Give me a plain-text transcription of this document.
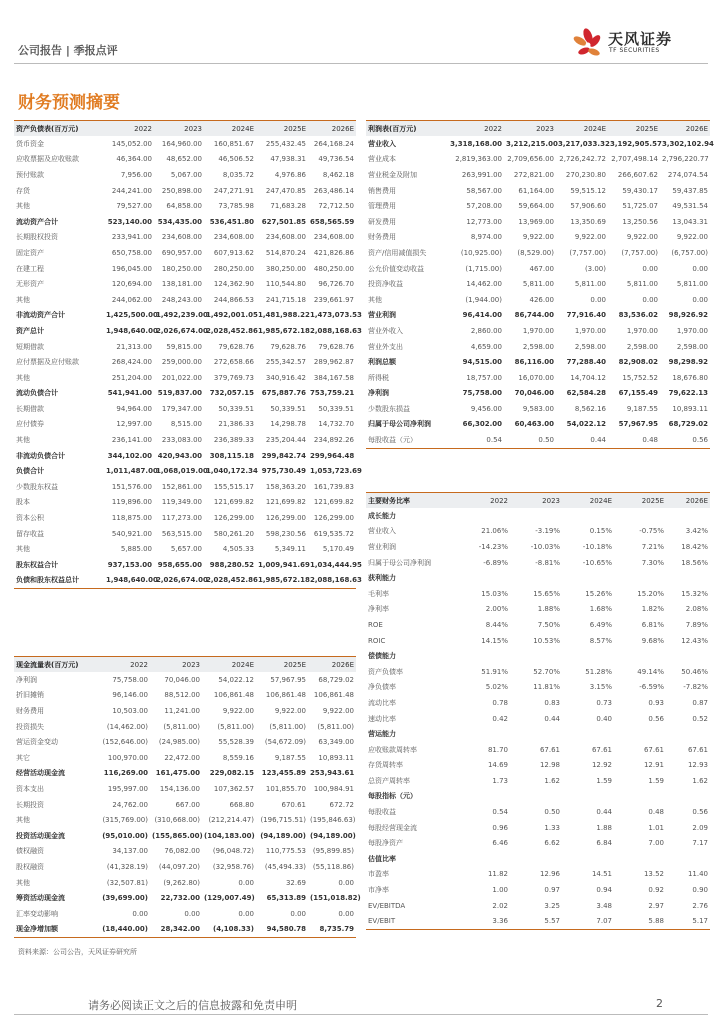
公司报告 | 季报点评
天风证券
TF SECURITIES
财务预测摘要
资产负债表(百万元)	2022	2023	2024E	2025E	2026E
货币资金	145,052.00	164,960.00	160,851.67	255,432.45	264,168.24
应收票据及应收账款	46,364.00	48,652.00	46,506.52	47,938.31	49,736.54
预付账款	7,956.00	5,067.00	8,035.72	4,976.86	8,462.18
存货	244,241.00	250,898.00	247,271.91	247,470.85	263,486.14
其他	79,527.00	64,858.00	73,785.98	71,683.28	72,712.50
流动资产合计	523,140.00	534,435.00	536,451.80	627,501.85	658,565.59
长期股权投资	233,941.00	234,608.00	234,608.00	234,608.00	234,608.00
固定资产	650,758.00	690,957.00	607,913.62	514,870.24	421,826.86
在建工程	196,045.00	180,250.00	280,250.00	380,250.00	480,250.00
无形资产	120,694.00	138,181.00	124,362.90	110,544.80	96,726.70
其他	244,062.00	248,243.00	244,866.53	241,715.18	239,661.97
非流动资产合计	1,425,500.00	1,492,239.00	1,492,001.05	1,481,988.22	1,473,073.53
资产总计	1,948,640.00	2,026,674.00	2,028,452.86	1,985,672.18	2,088,168.63
短期借款	21,313.00	59,815.00	79,628.76	79,628.76	79,628.76
应付票据及应付账款	268,424.00	259,000.00	272,658.66	255,342.57	289,962.87
其他	251,204.00	201,022.00	379,769.73	340,916.42	384,167.58
流动负债合计	541,941.00	519,837.00	732,057.15	675,887.76	753,759.21
长期借款	94,964.00	179,347.00	50,339.51	50,339.51	50,339.51
应付债券	12,997.00	8,515.00	21,386.33	14,298.78	14,732.70
其他	236,141.00	233,083.00	236,389.33	235,204.44	234,892.26
非流动负债合计	344,102.00	420,943.00	308,115.18	299,842.74	299,964.48
负债合计	1,011,487.00	1,068,019.00	1,040,172.34	975,730.49	1,053,723.69
少数股东权益	151,576.00	152,861.00	155,515.17	158,363.20	161,739.83
股本	119,896.00	119,349.00	121,699.82	121,699.82	121,699.82
资本公积	118,875.00	117,273.00	126,299.00	126,299.00	126,299.00
留存收益	540,921.00	563,515.00	580,261.20	598,230.56	619,535.72
其他	5,885.00	5,657.00	4,505.33	5,349.11	5,170.49
股东权益合计	937,153.00	958,655.00	988,280.52	1,009,941.69	1,034,444.95
负债和股东权益总计	1,948,640.00	2,026,674.00	2,028,452.86	1,985,672.18	2,088,168.63
利润表(百万元)	2022	2023	2024E	2025E	2026E
营业收入	3,318,168.00	3,212,215.00	3,217,033.32	3,192,905.57	3,302,102.94
营业成本	2,819,363.00	2,709,656.00	2,726,242.72	2,707,498.14	2,796,220.77
营业税金及附加	263,991.00	272,821.00	270,230.80	266,607.62	274,074.54
销售费用	58,567.00	61,164.00	59,515.12	59,430.17	59,437.85
管理费用	57,208.00	59,664.00	57,906.60	51,725.07	49,531.54
研发费用	12,773.00	13,969.00	13,350.69	13,250.56	13,043.31
财务费用	8,974.00	9,922.00	9,922.00	9,922.00	9,922.00
资产/信用减值损失	(10,925.00)	(8,529.00)	(7,757.00)	(7,757.00)	(6,757.00)
公允价值变动收益	(1,715.00)	467.00	(3.00)	0.00	0.00
投资净收益	14,462.00	5,811.00	5,811.00	5,811.00	5,811.00
其他	(1,944.00)	426.00	0.00	0.00	0.00
营业利润	96,414.00	86,744.00	77,916.40	83,536.02	98,926.92
营业外收入	2,860.00	1,970.00	1,970.00	1,970.00	1,970.00
营业外支出	4,659.00	2,598.00	2,598.00	2,598.00	2,598.00
利润总额	94,515.00	86,116.00	77,288.40	82,908.02	98,298.92
所得税	18,757.00	16,070.00	14,704.12	15,752.52	18,676.80
净利润	75,758.00	70,046.00	62,584.28	67,155.49	79,622.13
少数股东损益	9,456.00	9,583.00	8,562.16	9,187.55	10,893.11
归属于母公司净利润	66,302.00	60,463.00	54,022.12	57,967.95	68,729.02
每股收益（元）	0.54	0.50	0.44	0.48	0.56
主要财务比率	2022	2023	2024E	2025E	2026E
成长能力					
营业收入	21.06%	-3.19%	0.15%	-0.75%	3.42%
营业利润	-14.23%	-10.03%	-10.18%	7.21%	18.42%
归属于母公司净利润	-6.89%	-8.81%	-10.65%	7.30%	18.56%
获利能力					
毛利率	15.03%	15.65%	15.26%	15.20%	15.32%
净利率	2.00%	1.88%	1.68%	1.82%	2.08%
ROE	8.44%	7.50%	6.49%	6.81%	7.89%
ROIC	14.15%	10.53%	8.57%	9.68%	12.43%
偿债能力					
资产负债率	51.91%	52.70%	51.28%	49.14%	50.46%
净负债率	5.02%	11.81%	3.15%	-6.59%	-7.82%
流动比率	0.78	0.83	0.73	0.93	0.87
速动比率	0.42	0.44	0.40	0.56	0.52
营运能力					
应收账款周转率	81.70	67.61	67.61	67.61	67.61
存货周转率	14.69	12.98	12.92	12.91	12.93
总资产周转率	1.73	1.62	1.59	1.59	1.62
每股指标（元）					
每股收益	0.54	0.50	0.44	0.48	0.56
每股经营现金流	0.96	1.33	1.88	1.01	2.09
每股净资产	6.46	6.62	6.84	7.00	7.17
估值比率					
市盈率	11.82	12.96	14.51	13.52	11.40
市净率	1.00	0.97	0.94	0.92	0.90
EV/EBITDA	2.02	3.25	3.48	2.97	2.76
EV/EBIT	3.36	5.57	7.07	5.88	5.17
现金流量表(百万元)	2022	2023	2024E	2025E	2026E
净利润	75,758.00	70,046.00	54,022.12	57,967.95	68,729.02
折旧摊销	96,146.00	88,512.00	106,861.48	106,861.48	106,861.48
财务费用	10,503.00	11,241.00	9,922.00	9,922.00	9,922.00
投资损失	(14,462.00)	(5,811.00)	(5,811.00)	(5,811.00)	(5,811.00)
营运资金变动	(152,646.00)	(24,985.00)	55,528.39	(54,672.09)	63,349.00
其它	100,970.00	22,472.00	8,559.16	9,187.55	10,893.11
经营活动现金流	116,269.00	161,475.00	229,082.15	123,455.89	253,943.61
资本支出	195,997.00	154,136.00	107,362.57	101,855.70	100,984.91
长期投资	24,762.00	667.00	668.80	670.61	672.72
其他	(315,769.00)	(310,668.00)	(212,214.47)	(196,715.51)	(195,846.63)
投资活动现金流	(95,010.00)	(155,865.00)	(104,183.00)	(94,189.00)	(94,189.00)
债权融资	34,137.00	76,082.00	(96,048.72)	110,775.53	(95,899.85)
股权融资	(41,328.19)	(44,097.20)	(32,958.76)	(45,494.33)	(55,118.86)
其他	(32,507.81)	(9,262.80)	0.00	32.69	0.00
筹资活动现金流	(39,699.00)	22,732.00	(129,007.49)	65,313.89	(151,018.82)
汇率变动影响	0.00	0.00	0.00	0.00	0.00
现金净增加额	(18,440.00)	28,342.00	(4,108.33)	94,580.78	8,735.79
资料来源：公司公告，天风证券研究所
请务必阅读正文之后的信息披露和免责申明	2
